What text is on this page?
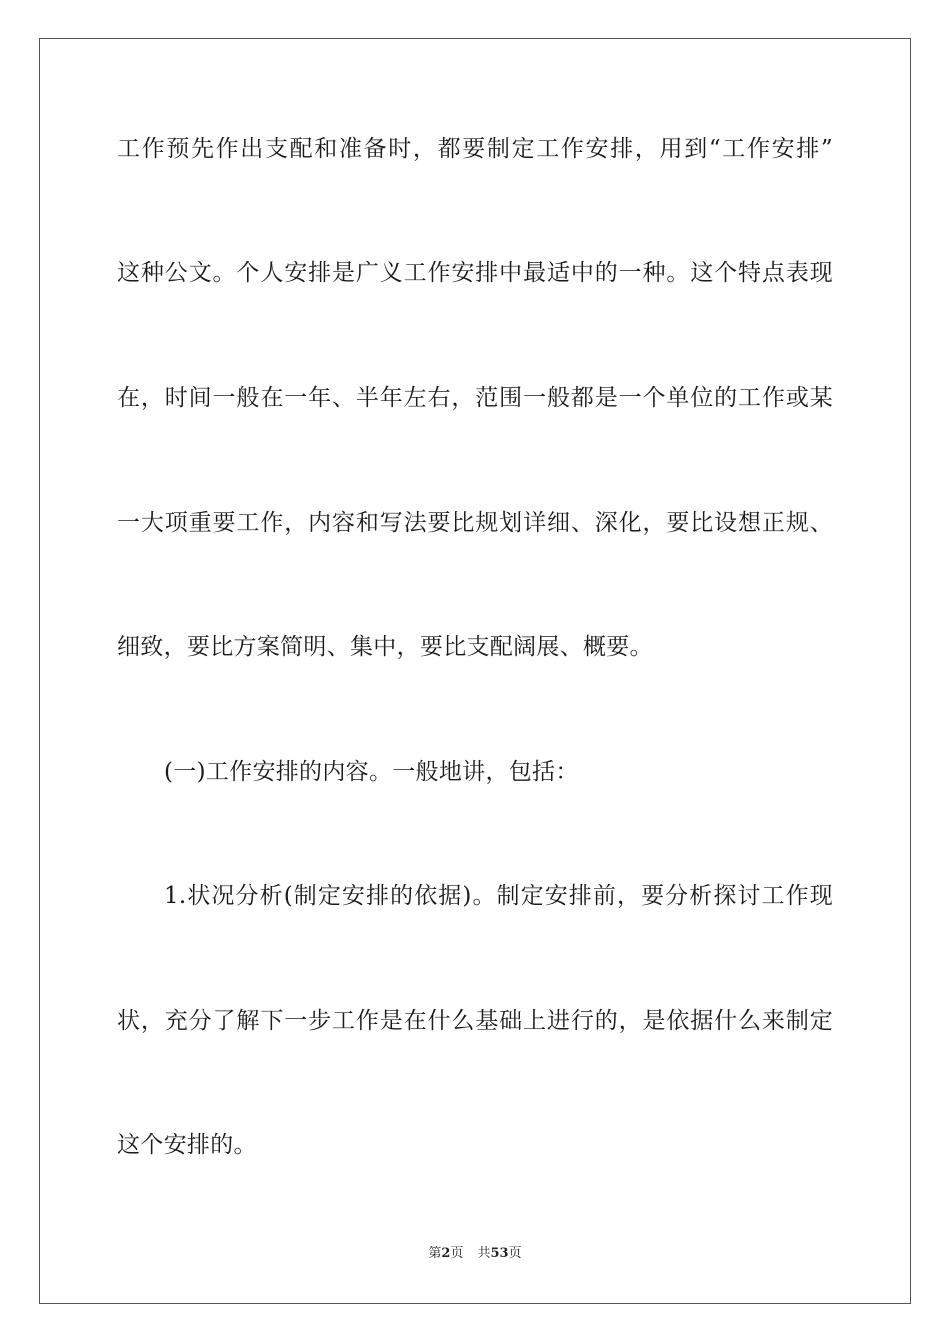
工作预先作出支配和准备时，都要制定工作安排，用到“工作安排”
这种公文。个人安排是广义工作安排中最适中的一种。这个特点表现
在，时间一般在一年、半年左右，范围一般都是一个单位的工作或某
一大项重要工作，内容和写法要比规划详细、深化，要比设想正规、
细致，要比方案简明、集中，要比支配阔展、概要。
(一)工作安排的内容。一般地讲，包括：
1.状况分析(制定安排的依据)。制定安排前，要分析探讨工作现
状，充分了解下一步工作是在什么基础上进行的，是依据什么来制定
这个安排的。
第2页 共53页
